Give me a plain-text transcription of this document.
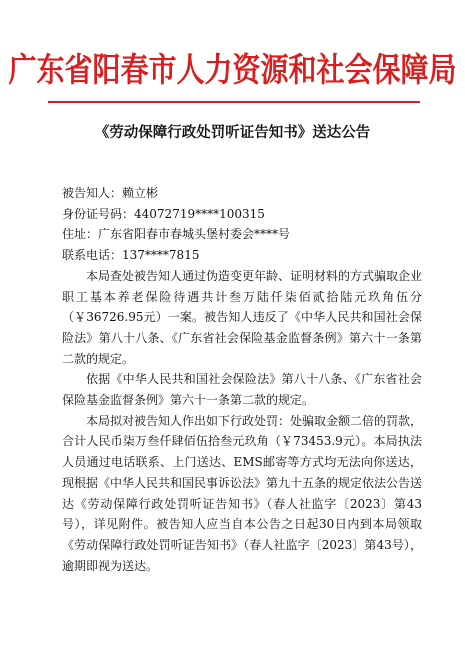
广东省阳春市人力资源和社会保障局
《劳动保障行政处罚听证告知书》送达公告
被告知人：赖立彬
身份证号码：44072719****100315
住址：广东省阳春市春城头堡村委会****号
联系电话：137****7815

本局查处被告知人通过伪造变更年龄、证明材料的方式骗取企业职工基本养老保险待遇共计叁万陆仟柒佰贰拾陆元玖角伍分（￥36726.95元）一案。被告知人违反了《中华人民共和国社会保险法》第八十八条、《广东省社会保险基金监督条例》第六十一条第二款的规定。

依据《中华人民共和国社会保险法》第八十八条、《广东省社会保险基金监督条例》第六十一条第二款的规定。

本局拟对被告知人作出如下行政处罚：处骗取金额二倍的罚款，合计人民币柒万叁仟肆佰伍拾叁元玖角（￥73453.9元）。本局执法人员通过电话联系、上门送达、EMS邮寄等方式均无法向你送达，现根据《中华人民共和国民事诉讼法》第九十五条的规定依法公告送达《劳动保障行政处罚听证告知书》（春人社监字〔2023〕第43号），详见附件。被告知人应当自本公告之日起30日内到本局领取《劳动保障行政处罚听证告知书》（春人社监字〔2023〕第43号），逾期即视为送达。
